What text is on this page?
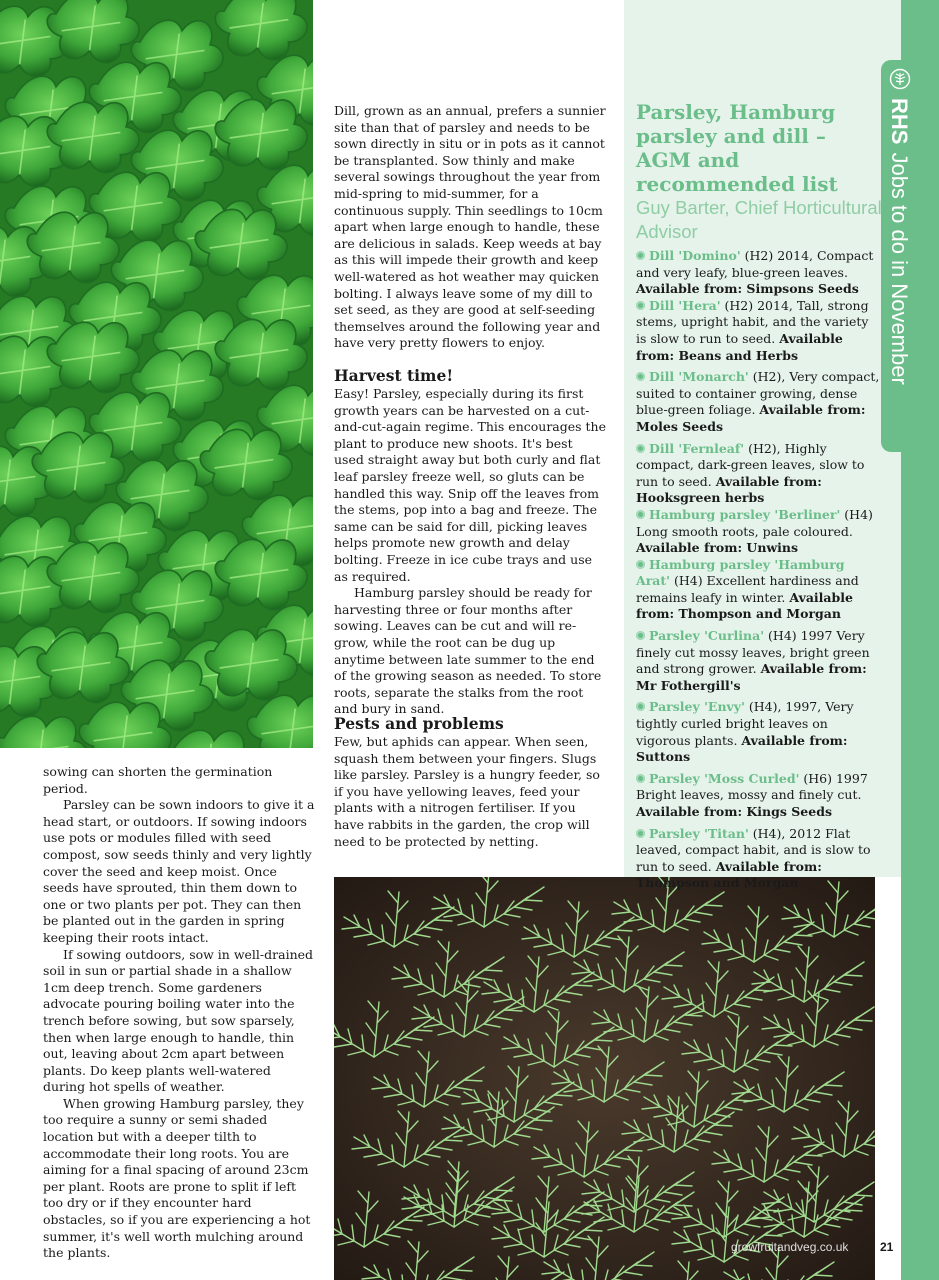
RHSJobs to do in November

Dill, grown as an annual, prefers a sunnier site than that of parsley and needs to be sown directly in situ or in pots as it cannot be transplanted. Sow thinly and make several sowings throughout the year from mid-spring to mid-summer, for a continuous supply. Thin seedlings to 10cm apart when large enough to handle, these are delicious in salads. Keep weeds at bay as this will impede their growth and keep well-watered as hot weather may quicken bolting. I always leave some of my dill to set seed, as they are good at self-seeding themselves around the following year and have very pretty flowers to enjoy.

Harvest time!

Easy! Parsley, especially during its first growth years can be harvested on a cut-and-cut-again regime. This encourages the plant to produce new shoots. It's best used straight away but both curly and flat leaf parsley freeze well, so gluts can be handled this way. Snip off the leaves from the stems, pop into a bag and freeze. The same can be said for dill, picking leaves helps promote new growth and delay bolting. Freeze in ice cube trays and use as required.

Hamburg parsley should be ready for harvesting three or four months after sowing. Leaves can be cut and will re-grow, while the root can be dug up anytime between late summer to the end of the growing season as needed. To store roots, separate the stalks from the root and bury in sand.

Pests and problems

Few, but aphids can appear. When seen, squash them between your fingers. Slugs like parsley. Parsley is a hungry feeder, so if you have yellowing leaves, feed your plants with a nitrogen fertiliser. If you have rabbits in the garden, the crop will need to be protected by netting.

sowing can shorten the germination period.

Parsley can be sown indoors to give it a head start, or outdoors. If sowing indoors use pots or modules filled with seed compost, sow seeds thinly and very lightly cover the seed and keep moist. Once seeds have sprouted, thin them down to one or two plants per pot. They can then be planted out in the garden in spring keeping their roots intact.

If sowing outdoors, sow in well-drained soil in sun or partial shade in a shallow 1cm deep trench. Some gardeners advocate pouring boiling water into the trench before sowing, but sow sparsely, then when large enough to handle, thin out, leaving about 2cm apart between plants. Do keep plants well-watered during hot spells of weather.

When growing Hamburg parsley, they too require a sunny or semi shaded location but with a deeper tilth to accommodate their long roots. You are aiming for a final spacing of around 23cm per plant. Roots are prone to split if left too dry or if they encounter hard obstacles, so if you are experiencing a hot summer, it's well worth mulching around the plants.

Parsley, Hamburg parsley and dill – AGM and recommended list

Guy Barter, Chief Horticultural Advisor

Dill 'Domino' (H2) 2014, Compact and very leafy, blue-green leaves. Available from: Simpsons Seeds

Dill 'Hera' (H2) 2014, Tall, strong stems, upright habit, and the variety is slow to run to seed. Available from: Beans and Herbs

Dill 'Monarch' (H2), Very compact, suited to container growing, dense blue-green foliage. Available from: Moles Seeds

Dill 'Fernleaf' (H2), Highly compact, dark-green leaves, slow to run to seed. Available from: Hooksgreen herbs

Hamburg parsley 'Berliner' (H4) Long smooth roots, pale coloured. Available from: Unwins

Hamburg parsley 'Hamburg Arat' (H4) Excellent hardiness and remains leafy in winter. Available from: Thompson and Morgan

Parsley 'Curlina' (H4) 1997 Very finely cut mossy leaves, bright green and strong grower. Available from: Mr Fothergill's

Parsley 'Envy' (H4), 1997, Very tightly curled bright leaves on vigorous plants. Available from: Suttons

Parsley 'Moss Curled' (H6) 1997 Bright leaves, mossy and finely cut. Available from: Kings Seeds

Parsley 'Titan' (H4), 2012 Flat leaved, compact habit, and is slow to run to seed. Available from: Thompson and Morgan

growfruitandveg.co.uk	21
